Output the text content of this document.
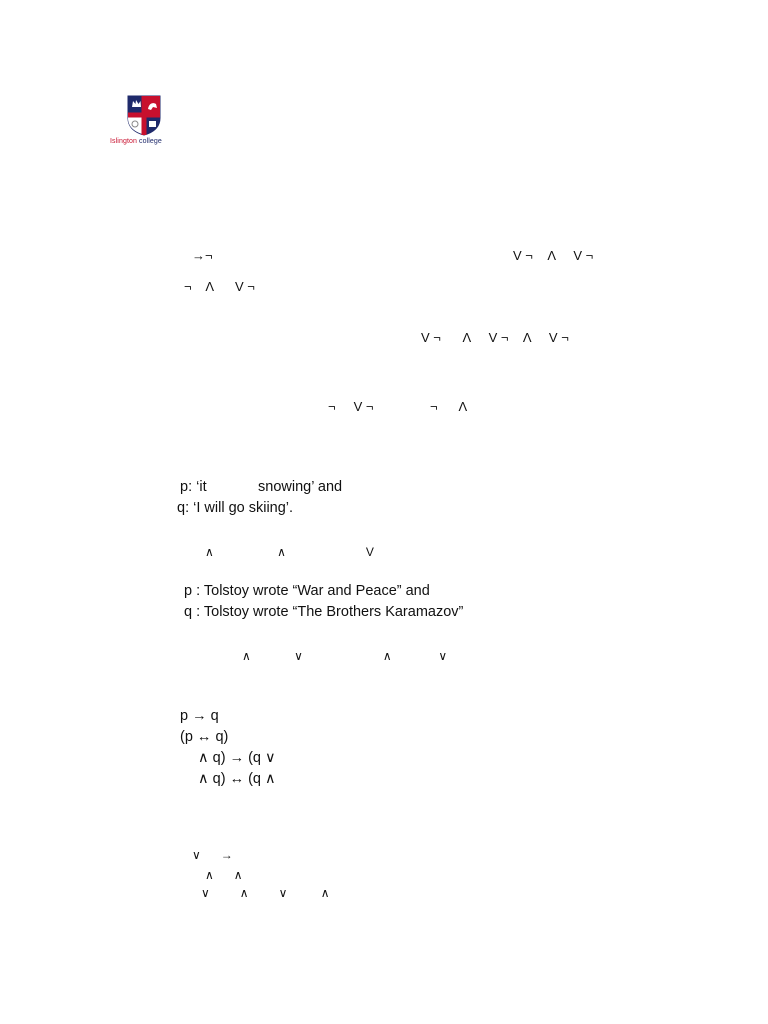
Islington college
→¬	V ¬    Λ     V ¬
¬    Λ      V ¬
V ¬      Λ     V ¬    Λ     V ¬
¬     V ¬	¬      Λ
p: ‘it	snowing’ and
q: ‘I will go skiing’.
∧                   ∧                        V
p : Tolstoy wrote “War and Peace” and
q : Tolstoy wrote “The Brothers Karamazov”
∧             ∨                        ∧              ∨
p → q
(p ↔ q)
∧ q) → (q ∨
∧ q) ↔ (q ∧
∨      →
∧      ∧
∨         ∧         ∨          ∧
